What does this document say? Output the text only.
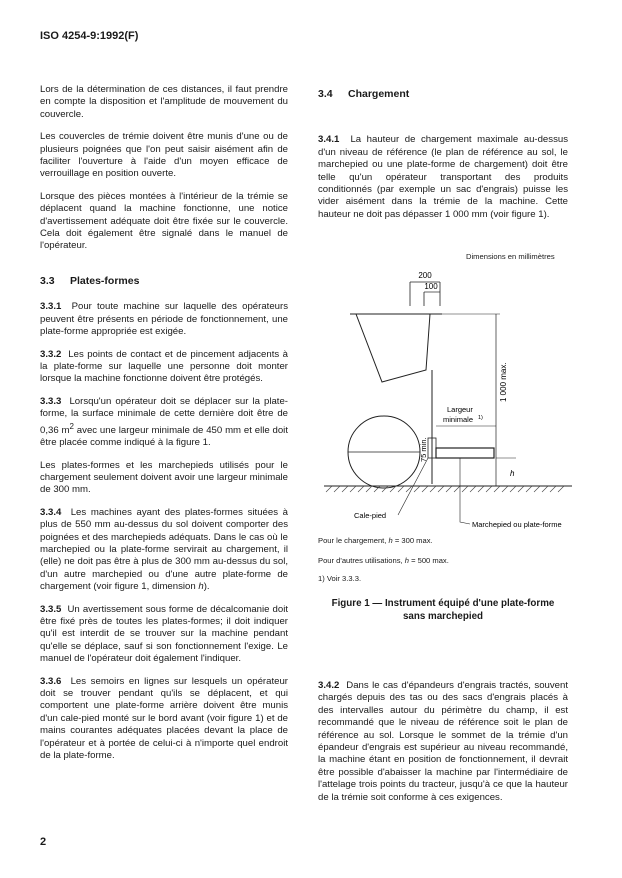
ISO 4254-9:1992(F)

Lors de la détermination de ces distances, il faut prendre en compte la disposition et l'amplitude de mouvement du couvercle.

Les couvercles de trémie doivent être munis d'une ou de plusieurs poignées que l'on peut saisir aisément afin de faciliter l'ouverture à l'aide d'un moyen efficace de verrouillage en position ouverte.

Lorsque des pièces montées à l'intérieur de la trémie se déplacent quand la machine fonctionne, une notice d'avertissement adéquate doit être fixée sur le couvercle. Cela doit également être signalé dans le manuel de l'opérateur.

3.3 Plates-formes

3.3.1 Pour toute machine sur laquelle des opérateurs peuvent être présents en période de fonctionnement, une plate-forme appropriée est exigée.

3.3.2 Les points de contact et de pincement adjacents à la plate-forme sur laquelle une personne doit monter lorsque la machine fonctionne doivent être protégés.

3.3.3 Lorsqu'un opérateur doit se déplacer sur la plate-forme, la surface minimale de cette dernière doit être de 0,36 $m^2$ avec une largeur minimale de 450 mm et elle doit être placée comme indiqué à la figure 1.

Les plates-formes et les marchepieds utilisés pour le chargement seulement doivent avoir une largeur minimale de 300 mm.

3.3.4 Les machines ayant des plates-formes situées à plus de 550 mm au-dessus du sol doivent comporter des poignées et des marchepieds adéquats. Dans le cas où le marchepied ou la plate-forme servirait au chargement, il (elle) ne doit pas être à plus de 300 mm au-dessus du sol, d'un autre marchepied ou d'une autre plate-forme de chargement (voir figure 1, dimension h).

3.3.5 Un avertissement sous forme de décalcomanie doit être fixé près de toutes les plates-formes; il doit indiquer qu'il est interdit de se trouver sur la machine pendant qu'elle se déplace, sauf si son fonctionnement l'exige. Le manuel de l'opérateur doit également l'indiquer.

3.3.6 Les semoirs en lignes sur lesquels un opérateur doit se trouver pendant qu'ils se déplacent, et qui comportent une plate-forme arrière doivent être munis d'un cale-pied monté sur le bord avant (voir figure 1) et de mains courantes adéquates placées devant la place de l'opérateur et à portée de celui-ci à n'importe quel endroit de la plate-forme.

3.4 Chargement

3.4.1 La hauteur de chargement maximale au-dessus d'un niveau de référence (le plan de référence au sol, le marchepied ou une plate-forme de chargement) doit être telle qu'un opérateur transportant des produits conditionnés (par exemple un sac d'engrais) puisse les vider aisément dans la trémie de la machine. Cette hauteur ne doit pas dépasser 1 000 mm (voir figure 1).

Dimensions en millimètres
200
100
1 000 max.
Largeur
minimale 1)
75 min.
h
Cale-pied
Marchepied ou plate-forme
Pour le chargement, h = 300 max.
Pour d'autres utilisations, h = 500 max.
1) Voir 3.3.3.
Figure 1 — Instrument équipé d'une plate-forme
sans marchepied

3.4.2 Dans le cas d'épandeurs d'engrais tractés, souvent chargés depuis des tas ou des sacs d'engrais placés à des intervalles autour du périmètre du champ, il est recommandé que le niveau de référence soit le plan de référence au sol. Lorsque le sommet de la trémie d'un épandeur d'engrais est supérieur au niveau recommandé, la machine étant en position de fonctionnement, il devrait être possible d'abaisser la machine par l'intermédiaire de l'attelage trois points du tracteur, jusqu'à ce que la hauteur de la trémie soit conforme à ces exigences.

2
